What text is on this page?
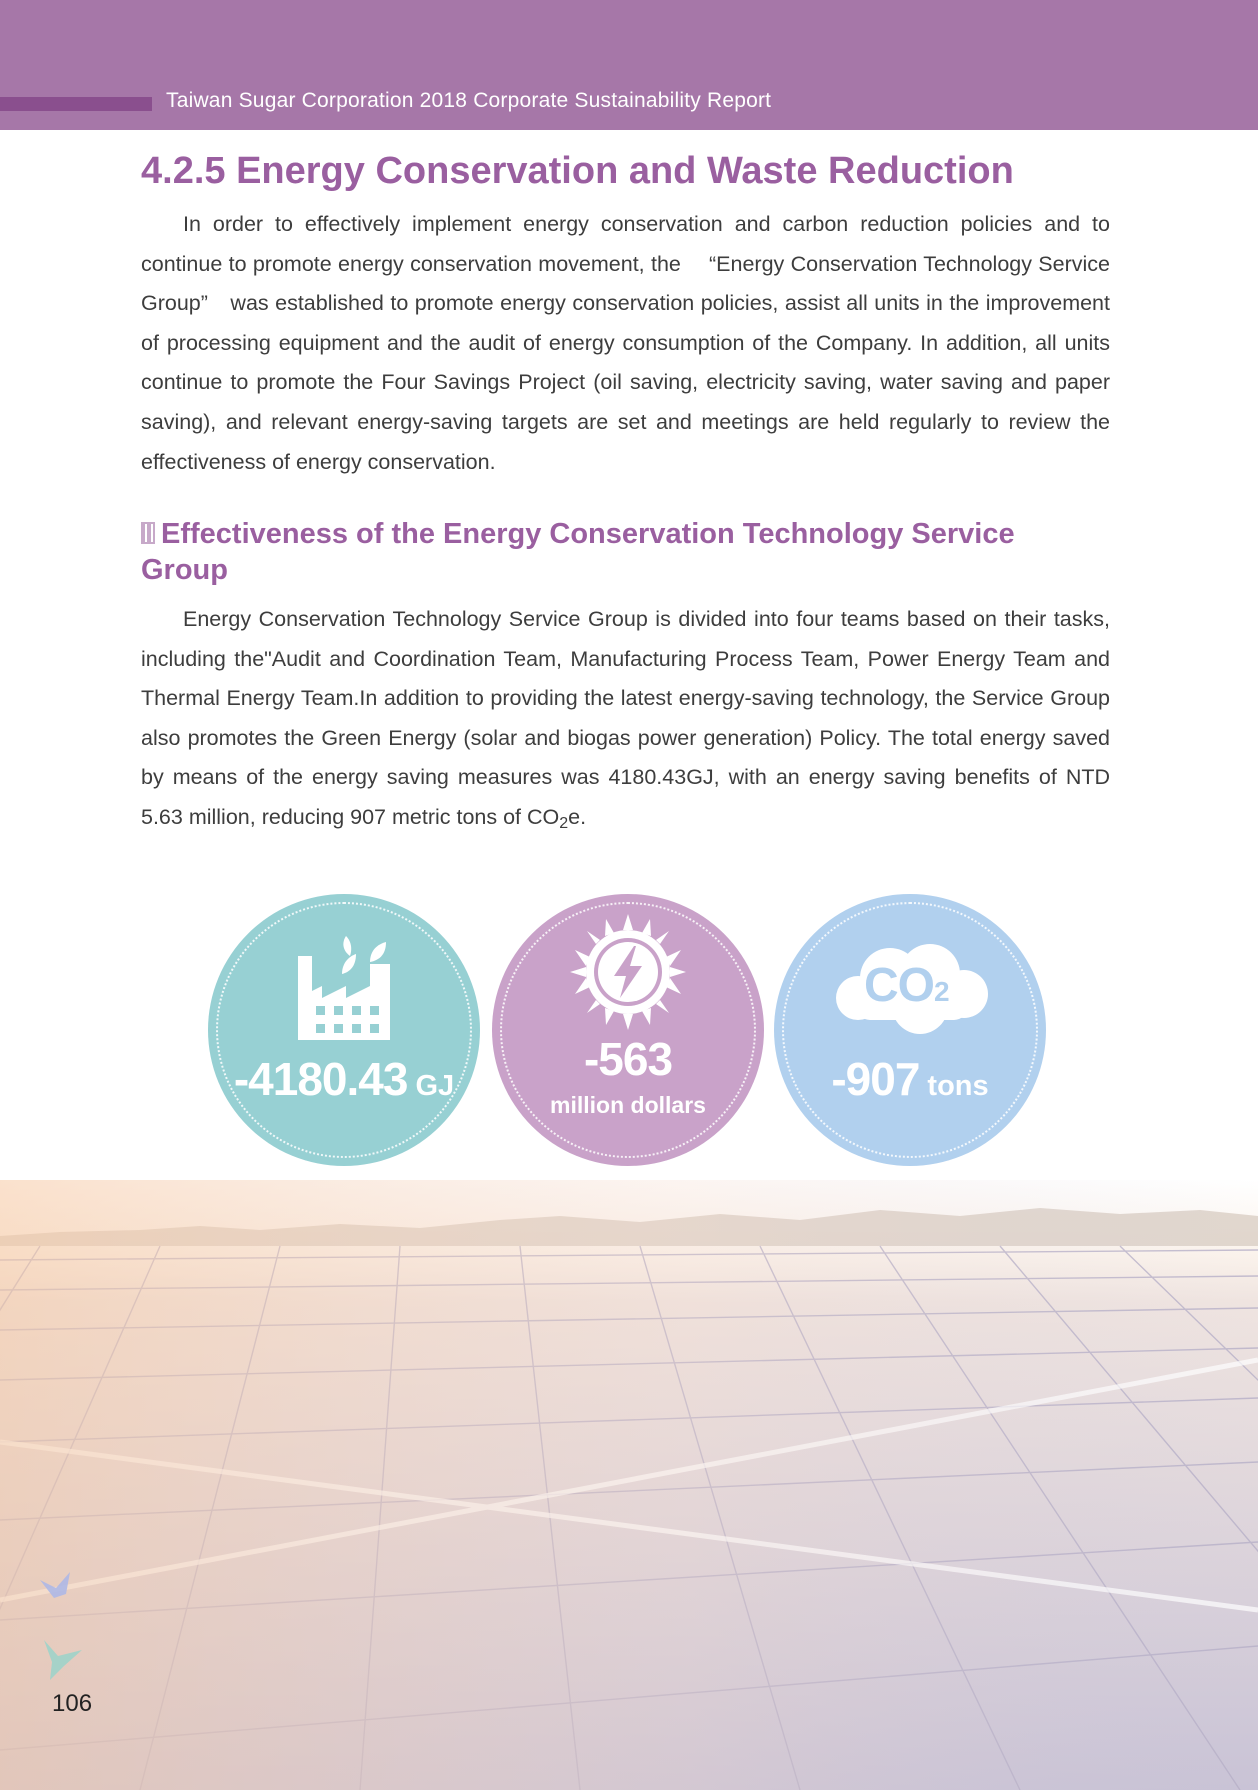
Taiwan Sugar Corporation 2018 Corporate Sustainability Report
4.2.5 Energy Conservation and Waste Reduction

In order to effectively implement energy conservation and carbon reduction policies and to continue to promote energy conservation movement, the 　“Energy Conservation Technology Service Group”　was established to promote energy conservation policies, assist all units in the improvement of processing equipment and the audit of energy consumption of the Company. In addition, all units continue to promote the Four Savings Project (oil saving, electricity saving, water saving and paper saving), and relevant energy-saving targets are set and meetings are held regularly to review the effectiveness of energy conservation.

Effectiveness of the Energy Conservation Technology Service Group

Energy Conservation Technology Service Group is divided into four teams based on their tasks, including the"Audit and Coordination Team, Manufacturing Process Team, Power Energy Team and Thermal Energy Team.In addition to providing the latest energy-saving technology, the Service Group also promotes the Green Energy (solar and biogas power generation) Policy. The total energy saved by means of the energy saving measures was 4180.43GJ, with an energy saving benefits of NTD 5.63 million, reducing 907 metric tons of $CO_2e$.

-4180.43 GJ
-563
million dollars
CO2
-907 tons
106
